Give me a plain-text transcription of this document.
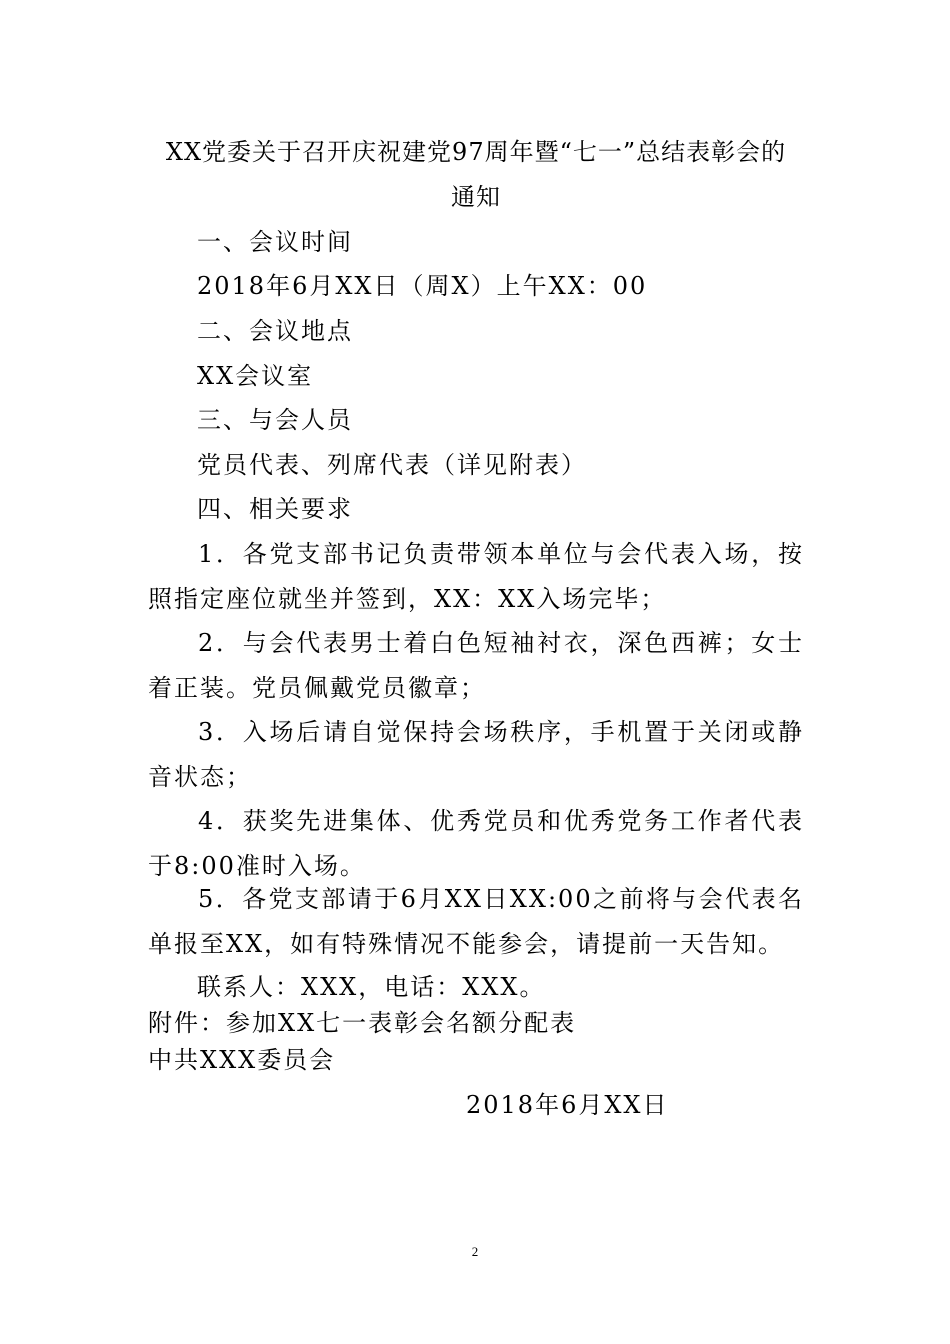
XX党委关于召开庆祝建党97周年暨“七一”总结表彰会的
通知
一、会议时间
2018年6月XX日（周X）上午XX：00
二、会议地点
XX会议室
三、与会人员
党员代表、列席代表（详见附表）
四、相关要求
1．各党支部书记负责带领本单位与会代表入场，按照指定座位就坐并签到，XX：XX入场完毕；
2．与会代表男士着白色短袖衬衣，深色西裤；女士着正装。党员佩戴党员徽章；
3．入场后请自觉保持会场秩序，手机置于关闭或静音状态；
4．获奖先进集体、优秀党员和优秀党务工作者代表于8:00准时入场。
5．各党支部请于6月XX日XX:00之前将与会代表名单报至XX，如有特殊情况不能参会，请提前一天告知。
联系人：XXX，电话：XXX。
附件：参加XX七一表彰会名额分配表
中共XXX委员会
2018年6月XX日
2
